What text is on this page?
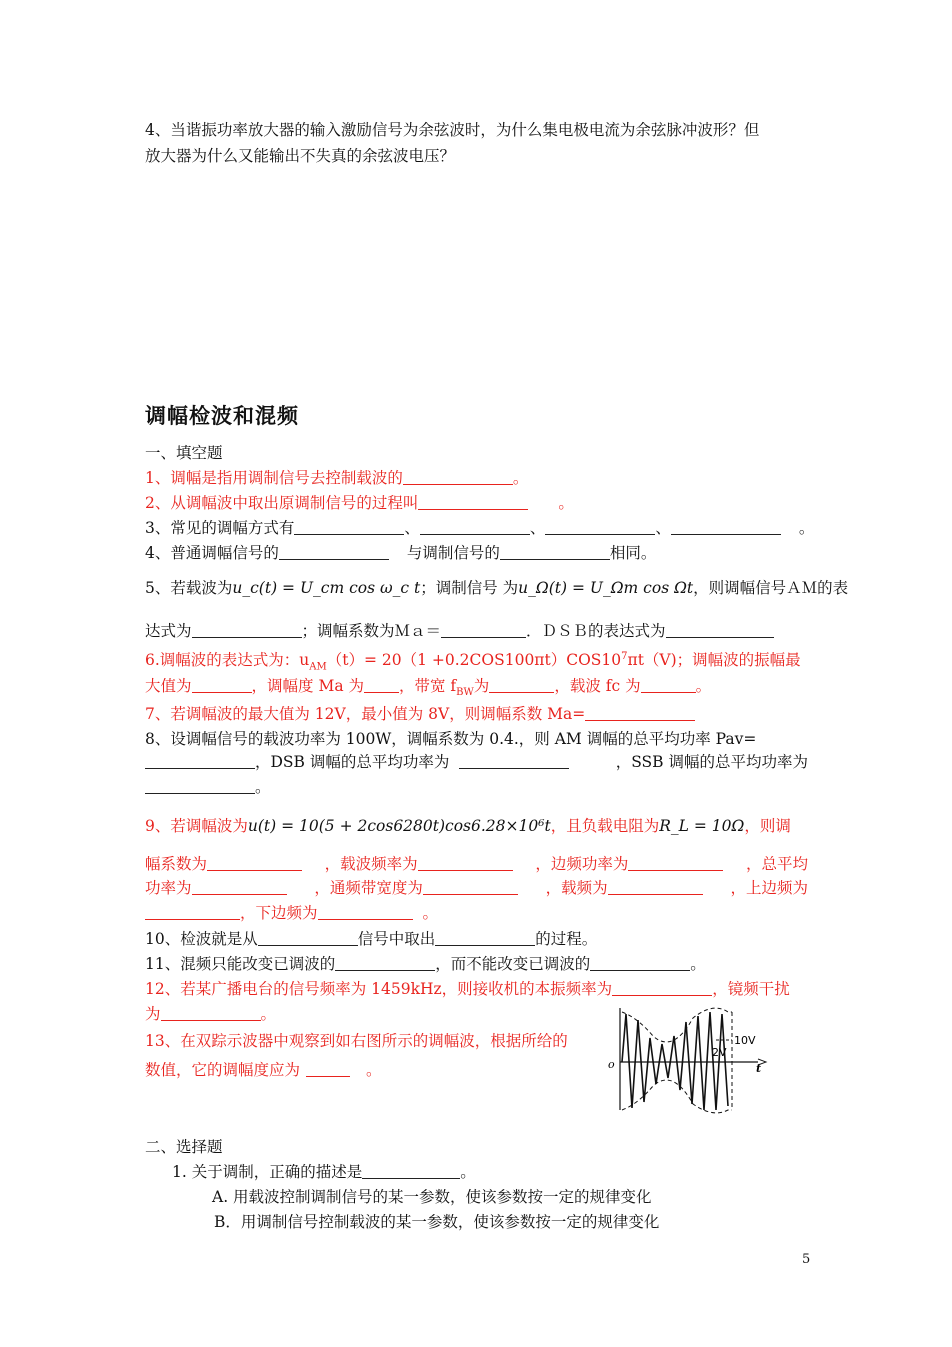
4、当谐振功率放大器的输入激励信号为余弦波时，为什么集电极电流为余弦脉冲波形？但
放大器为什么又能输出不失真的余弦波电压？
调幅检波和混频
一、填空题
1、调幅是指用调制信号去控制载波的	。
2、从调幅波中取出原调制信号的过程叫	。
3、常见的调幅方式有	、	、	、	。
4、普通调幅信号的	与调制信号的	相同。
5、若载波为u_c(t) = U_cm cos ω_c t；调制信号 为u_Ω(t) = U_Ωm cos Ωt，则调幅信号ＡＭ的表
达式为	；调幅系数为Ｍａ＝	．ＤＳＢ的表达式为
6.调幅波的表达式为：$u_{AM}(t)= 20(1 +0.2COS100\pi t)COS10^7\pi t(V)$；调幅波的振幅最
大值为	，调幅度 Ma 为 ，带宽 $f_{BW}$为	，载波 fc 为	。
7、若调幅波的最大值为 12V，最小值为 8V，则调幅系数 Ma=
8、设调幅信号的载波功率为 100W，调幅系数为 0.4.，则 AM 调幅的总平均功率 Pav=
，DSB 调幅的总平均功率为	，SSB 调幅的总平均功率为
。
9、若调幅波为u(t) = 10(5 + 2cos6280t)cos6.28×10⁶t，且负载电阻为R_L = 10Ω，则调
幅系数为	，载波频率为	，边频功率为	，总平均
功率为	，通频带宽度为	，载频为	，上边频为
，下边频为	。
10、检波就是从	信号中取出	的过程。
11、混频只能改变已调波的	，而不能改变已调波的	。
12、若某广播电台的信号频率为 1459kHz，则接收机的本振频率为	，镜频干扰
为	。
13、在双踪示波器中观察到如右图所示的调幅波，根据所给的
数值，它的调幅度应为	。
10V
2V
o	t
二、选择题
1. 关于调制，正确的描述是	。
A. 用载波控制调制信号的某一参数，使该参数按一定的规律变化
B．用调制信号控制载波的某一参数，使该参数按一定的规律变化
5
